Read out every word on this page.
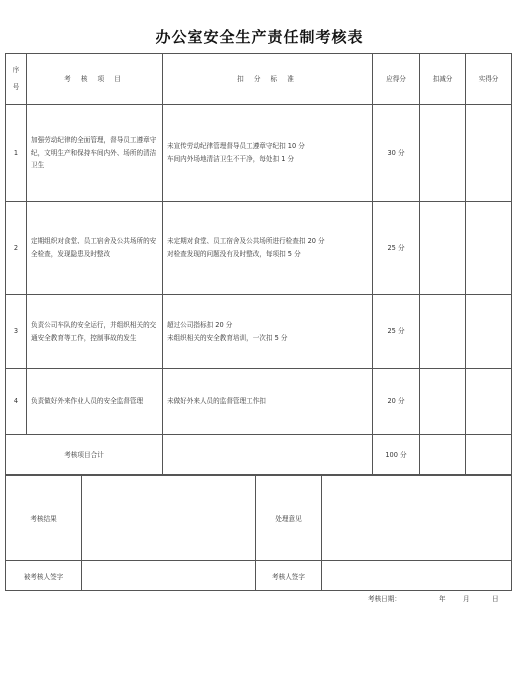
办公室安全生产责任制考核表
序
号	考 核 项 目	扣 分 标 准	应得分	扣减分	实得分
1	加强劳动纪律的全面管理，督导员工遵章守纪，文明生产和保持车间内外、场所的清洁卫生	未宣传劳动纪律管理督导员工遵章守纪扣 10 分
车间内外场地清洁卫生不干净，每处扣 1 分	30 分		
2	定期组织对食堂、员工宿舍及公共场所的安全检查，发现隐患及时整改	未定期对食堂、员工宿舍及公共场所进行检查扣 20 分
对检查发现的问题没有及时整改，每项扣 5 分	25 分		
3	负责公司车队的安全运行，并组织相关的交通安全教育等工作，控制事故的发生	超过公司指标扣 20 分
未组织相关的安全教育培训，一次扣 5 分	25 分		
4	负责做好外来作业人员的安全监督管理	未做好外来人员的监督管理工作扣	20 分		
考核项目合计			100 分		
考核结果		处理意见	
被考核人签字		考核人签字	
考核日期：	年	月	日
